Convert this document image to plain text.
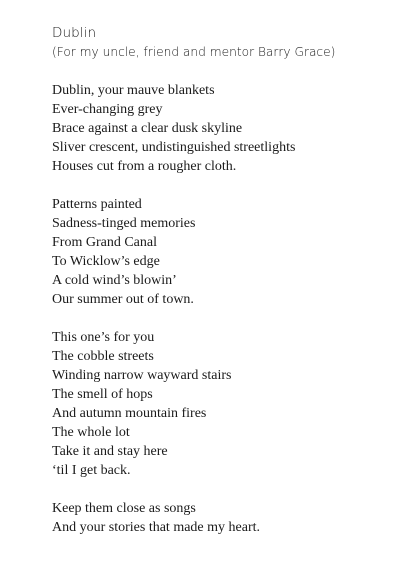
Dublin
(For my uncle, friend and mentor Barry Grace)
Dublin, your mauve blankets
Ever-changing grey
Brace against a clear dusk skyline
Sliver crescent, undistinguished streetlights
Houses cut from a rougher cloth.
Patterns painted
Sadness-tinged memories
From Grand Canal
To Wicklow’s edge
A cold wind’s blowin’
Our summer out of town.
This one’s for you
The cobble streets
Winding narrow wayward stairs
The smell of hops
And autumn mountain fires
The whole lot
Take it and stay here
‘til I get back.
Keep them close as songs
And your stories that made my heart.
